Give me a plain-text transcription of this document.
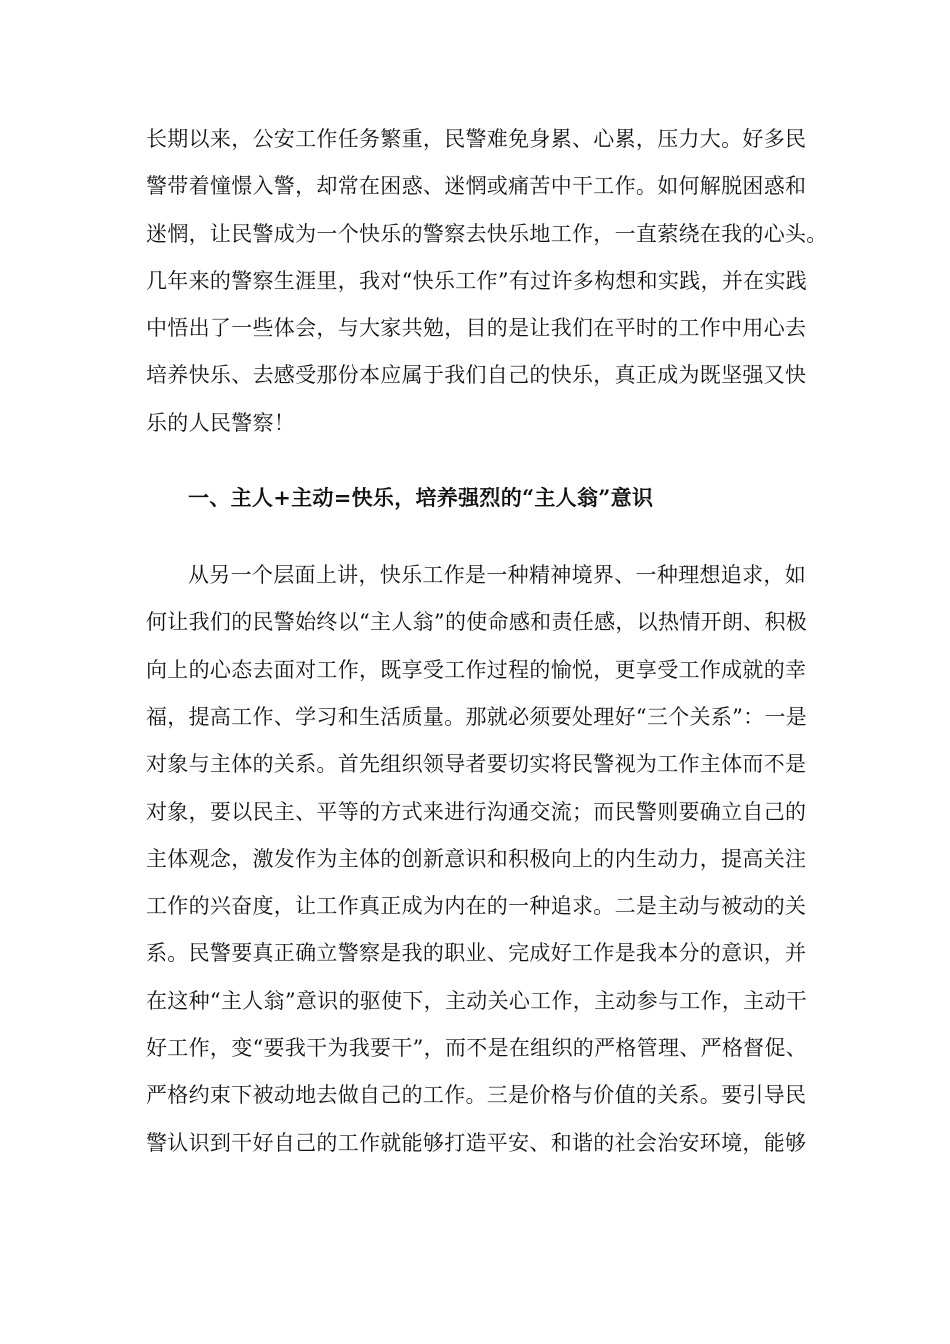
长期以来，公安工作任务繁重，民警难免身累、心累，压力大。好多民
警带着憧憬入警，却常在困惑、迷惘或痛苦中干工作。如何解脱困惑和
迷惘，让民警成为一个快乐的警察去快乐地工作，一直萦绕在我的心头。
几年来的警察生涯里，我对“快乐工作”有过许多构想和实践，并在实践
中悟出了一些体会，与大家共勉，目的是让我们在平时的工作中用心去
培养快乐、去感受那份本应属于我们自己的快乐，真正成为既坚强又快
乐的人民警察！
一、主人+主动=快乐，培养强烈的“主人翁”意识
从另一个层面上讲，快乐工作是一种精神境界、一种理想追求，如
何让我们的民警始终以“主人翁”的使命感和责任感，以热情开朗、积极
向上的心态去面对工作，既享受工作过程的愉悦，更享受工作成就的幸
福，提高工作、学习和生活质量。那就必须要处理好“三个关系”：一是
对象与主体的关系。首先组织领导者要切实将民警视为工作主体而不是
对象，要以民主、平等的方式来进行沟通交流；而民警则要确立自己的
主体观念，激发作为主体的创新意识和积极向上的内生动力，提高关注
工作的兴奋度，让工作真正成为内在的一种追求。二是主动与被动的关
系。民警要真正确立警察是我的职业、完成好工作是我本分的意识，并
在这种“主人翁”意识的驱使下，主动关心工作，主动参与工作，主动干
好工作，变“要我干为我要干”，而不是在组织的严格管理、严格督促、
严格约束下被动地去做自己的工作。三是价格与价值的关系。要引导民
警认识到干好自己的工作就能够打造平安、和谐的社会治安环境，能够
